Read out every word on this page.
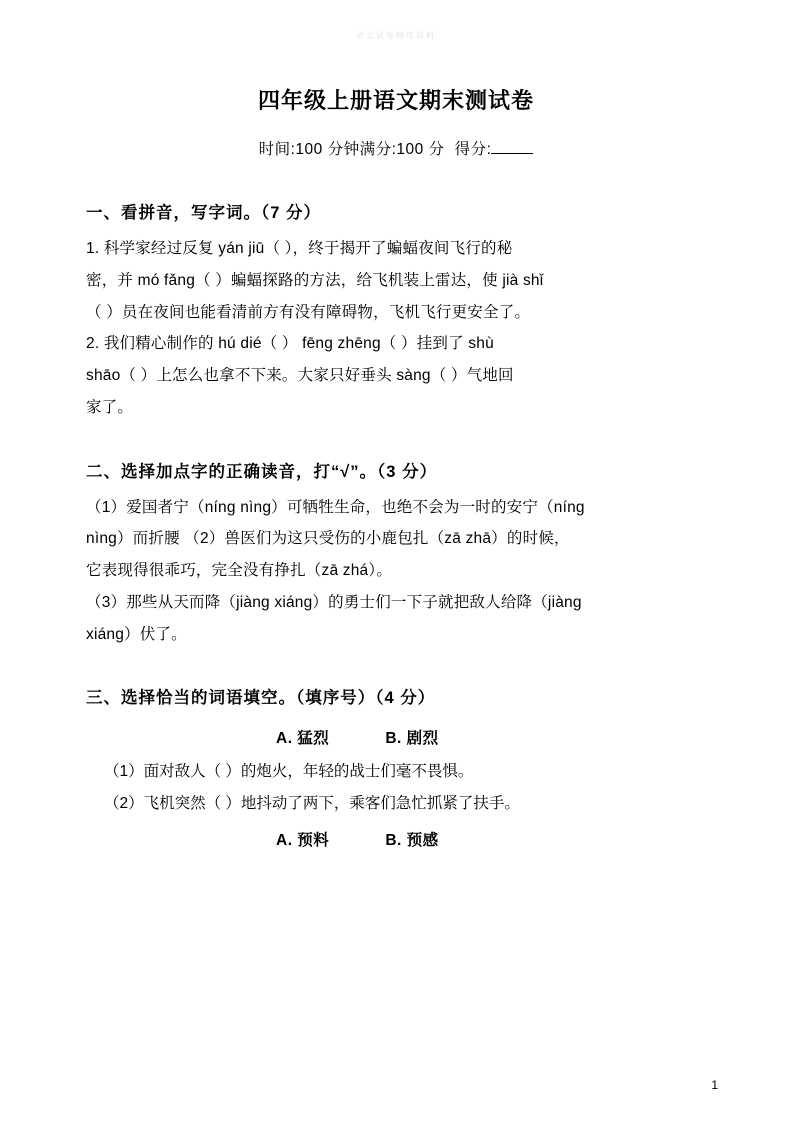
语文试卷精选资料
四年级上册语文期末测试卷
时间:100 分钟满分:100 分 得分:
一、看拼音，写字词。（7 分）

1. 科学家经过反复 yán jiū（ ），终于揭开了蝙蝠夜间飞行的秘

密，并 mó fǎng（ ）蝙蝠探路的方法，给飞机装上雷达，使 jià shǐ

（ ）员在夜间也能看清前方有没有障碍物，飞机飞行更安全了。

2. 我们精心制作的 hú dié（ ） fēng zhēng（ ）挂到了 shù

shāo（ ）上怎么也拿不下来。大家只好垂头 sàng（ ）气地回

家了。

二、选择加点字的正确读音，打“√”。（3 分）

（1）爱国者宁（níng nìng）可牺牲生命，也绝不会为一时的安宁（níng

nìng）而折腰 （2）兽医们为这只受伤的小鹿包扎（zā zhā）的时候，

它表现得很乖巧，完全没有挣扎（zā zhá）。

（3）那些从天而降（jiàng xiáng）的勇士们一下子就把敌人给降（jiàng

xiáng）伏了。

三、选择恰当的词语填空。（填序号）（4 分）

A. 猛烈	B. 剧烈

（1）面对敌人（ ）的炮火，年轻的战士们毫不畏惧。

（2）飞机突然（ ）地抖动了两下，乘客们急忙抓紧了扶手。

A. 预料	B. 预感

1
